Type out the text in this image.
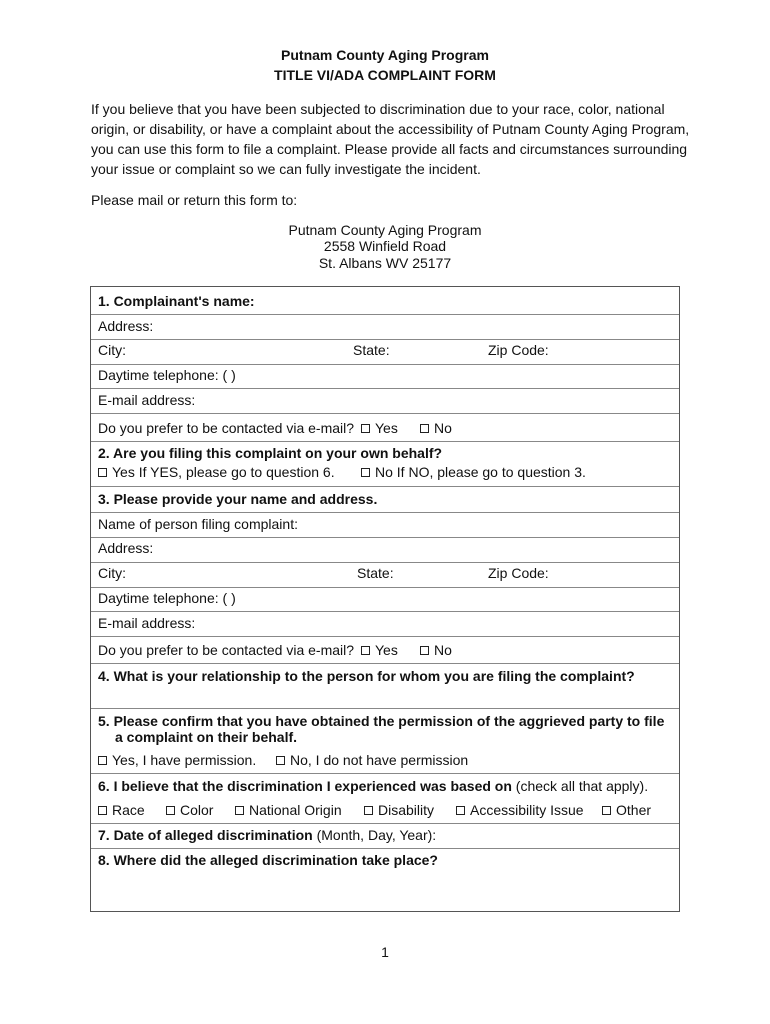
Putnam County Aging Program
TITLE VI/ADA COMPLAINT FORM
If you believe that you have been subjected to discrimination due to your race, color, national origin, or disability, or have a complaint about the accessibility of Putnam County Aging Program, you can use this form to file a complaint. Please provide all facts and circumstances surrounding your issue or complaint so we can fully investigate the incident.
Please mail or return this form to:
Putnam County Aging Program
2558 Winfield Road
St. Albans WV 25177
1. Complainant's name:
Address:
City:	State:	Zip Code:
Daytime telephone: ( )
E-mail address:
Do you prefer to be contacted via e-mail?	Yes	No
2. Are you filing this complaint on your own behalf?
Yes If YES, please go to question 6.	No If NO, please go to question 3.
3. Please provide your name and address.
Name of person filing complaint:
Address:
City:	State:	Zip Code:
Daytime telephone: ( )
E-mail address:
Do you prefer to be contacted via e-mail?	Yes	No
4. What is your relationship to the person for whom you are filing the complaint?
5. Please confirm that you have obtained the permission of the aggrieved party to file
a complaint on their behalf.
Yes, I have permission.	No, I do not have permission
6. I believe that the discrimination I experienced was based on (check all that apply).
Race	Color	National Origin	Disability	Accessibility Issue	Other
7. Date of alleged discrimination (Month, Day, Year):
8. Where did the alleged discrimination take place?
1
